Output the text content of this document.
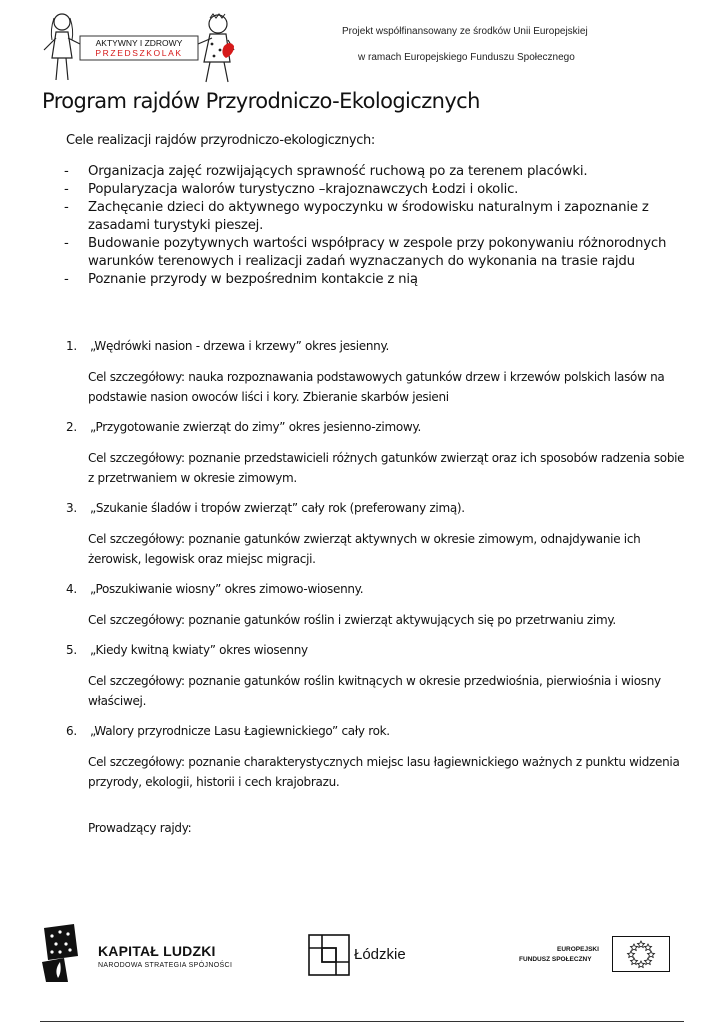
AKTYWNY I ZDROWY
PRZEDSZKOLAK
Projekt współfinansowany ze środków Unii Europejskiej
w ramach Europejskiego Funduszu Społecznego
Program rajdów Przyrodniczo-Ekologicznych
Cele realizacji rajdów przyrodniczo-ekologicznych:
- Organizacja zajęć rozwijających sprawność ruchową po za terenem placówki.
- Popularyzacja walorów turystyczno –krajoznawczych Łodzi i okolic.
- Zachęcanie dzieci do aktywnego wypoczynku w środowisku naturalnym i zapoznanie z zasadami turystyki pieszej.
- Budowanie pozytywnych wartości współpracy w zespole przy pokonywaniu różnorodnych warunków terenowych i realizacji zadań wyznaczanych do wykonania na trasie rajdu
- Poznanie przyrody w bezpośrednim kontakcie z nią
1. „Wędrówki nasion - drzewa i krzewy” okres jesienny.
Cel szczegółowy: nauka rozpoznawania podstawowych gatunków drzew i krzewów polskich lasów na podstawie nasion owoców liści i kory. Zbieranie skarbów jesieni
2. „Przygotowanie zwierząt do zimy” okres jesienno-zimowy.
Cel szczegółowy: poznanie przedstawicieli różnych gatunków zwierząt oraz ich sposobów radzenia sobie z przetrwaniem w okresie zimowym.
3. „Szukanie śladów i tropów zwierząt” cały rok (preferowany zimą).
Cel szczegółowy: poznanie gatunków zwierząt aktywnych w okresie zimowym, odnajdywanie ich żerowisk, legowisk oraz miejsc migracji.
4. „Poszukiwanie wiosny” okres zimowo-wiosenny.
Cel szczegółowy: poznanie gatunków roślin i zwierząt aktywujących się po przetrwaniu zimy.
5. „Kiedy kwitną kwiaty” okres wiosenny
Cel szczegółowy: poznanie gatunków roślin kwitnących w okresie przedwiośnia, pierwiośnia i wiosny właściwej.
6. „Walory przyrodnicze Lasu Łagiewnickiego” cały rok.
Cel szczegółowy: poznanie charakterystycznych miejsc lasu łagiewnickiego ważnych z punktu widzenia przyrody, ekologii, historii i cech krajobrazu.
Prowadzący rajdy:
KAPITAŁ LUDZKI
NARODOWA STRATEGIA SPÓJNOŚCI
Łódzkie	EUROPEJSKI
FUNDUSZ SPOŁECZNY
